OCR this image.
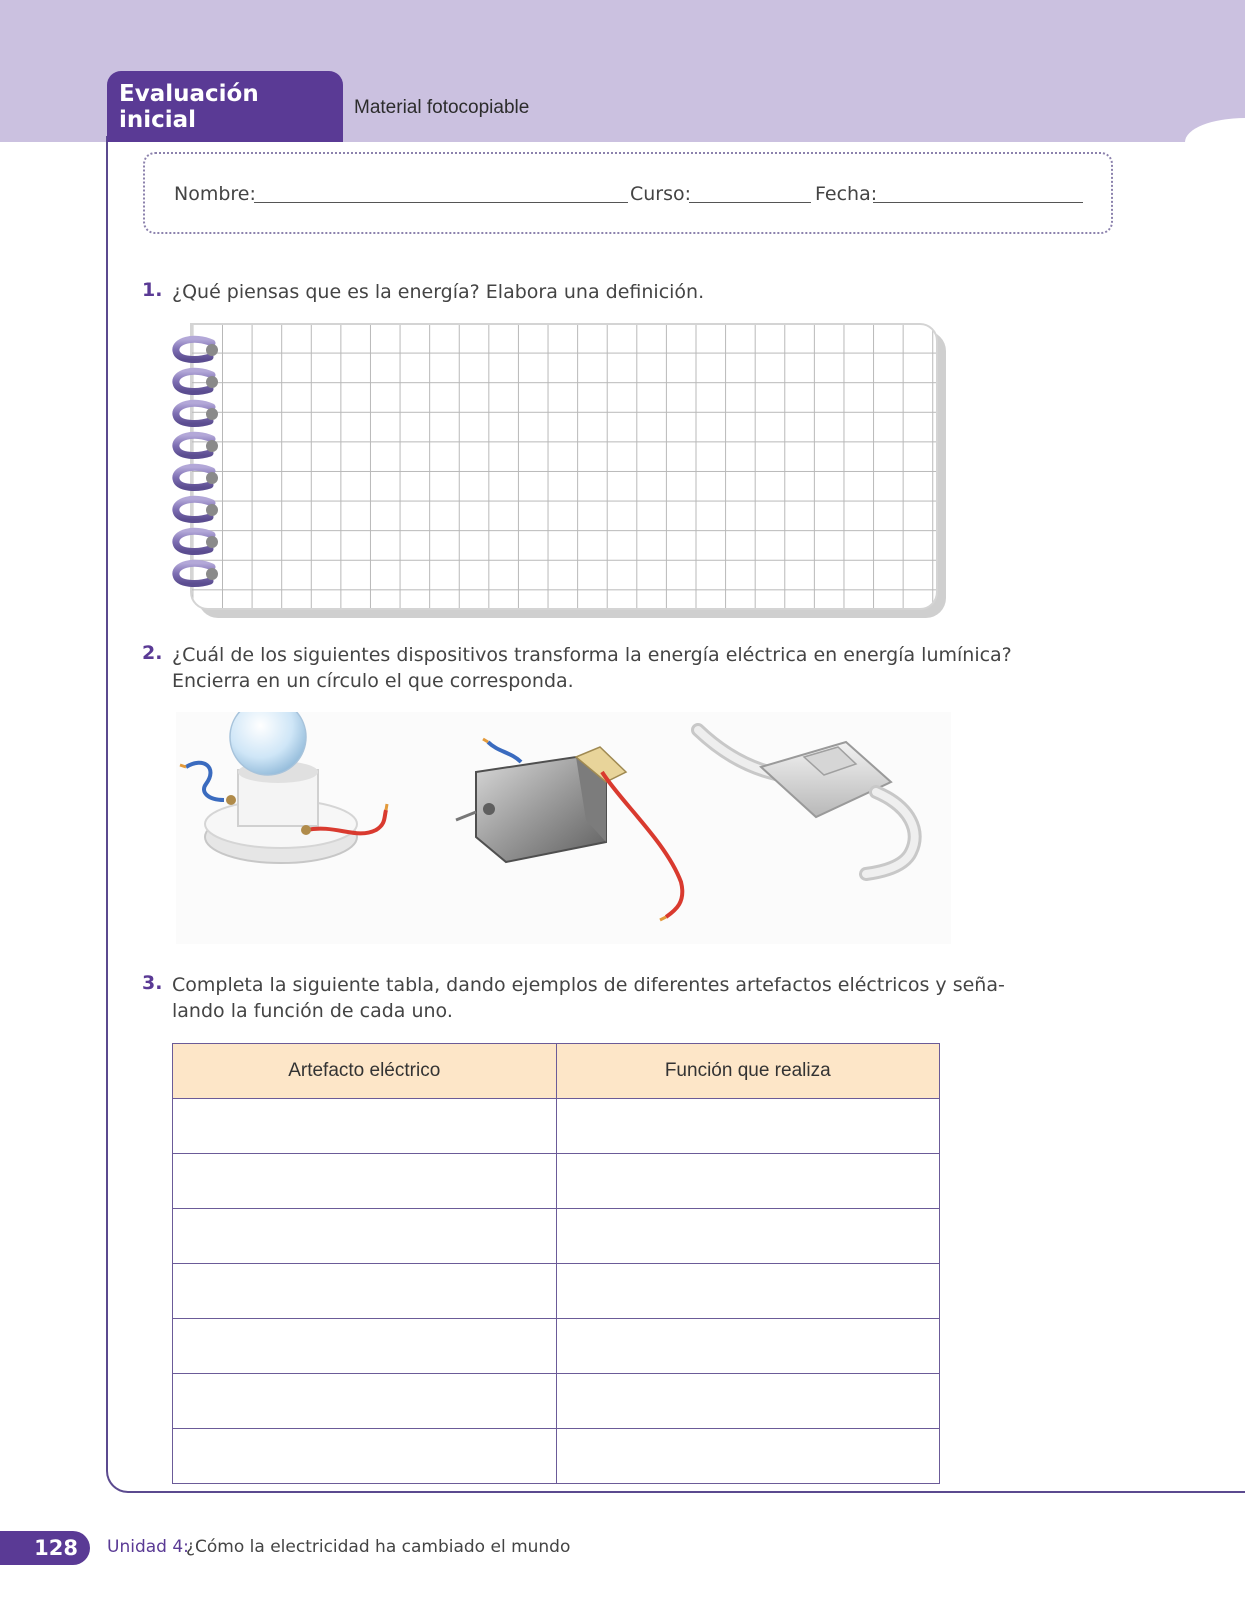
Evaluación inicial	Material fotocopiable
Nombre:	Curso:	Fecha:
1. ¿Qué piensas que es la energía? Elabora una definición.
2. ¿Cuál de los siguientes dispositivos transforma la energía eléctrica en energía lumínica?
Encierra en un círculo el que corresponda.
3. Completa la siguiente tabla, dando ejemplos de diferentes artefactos eléctricos y seña-
lando la función de cada uno.
Artefacto eléctrico	Función que realiza

128 Unidad 4:
¿Cómo la electricidad ha cambiado el mundo
